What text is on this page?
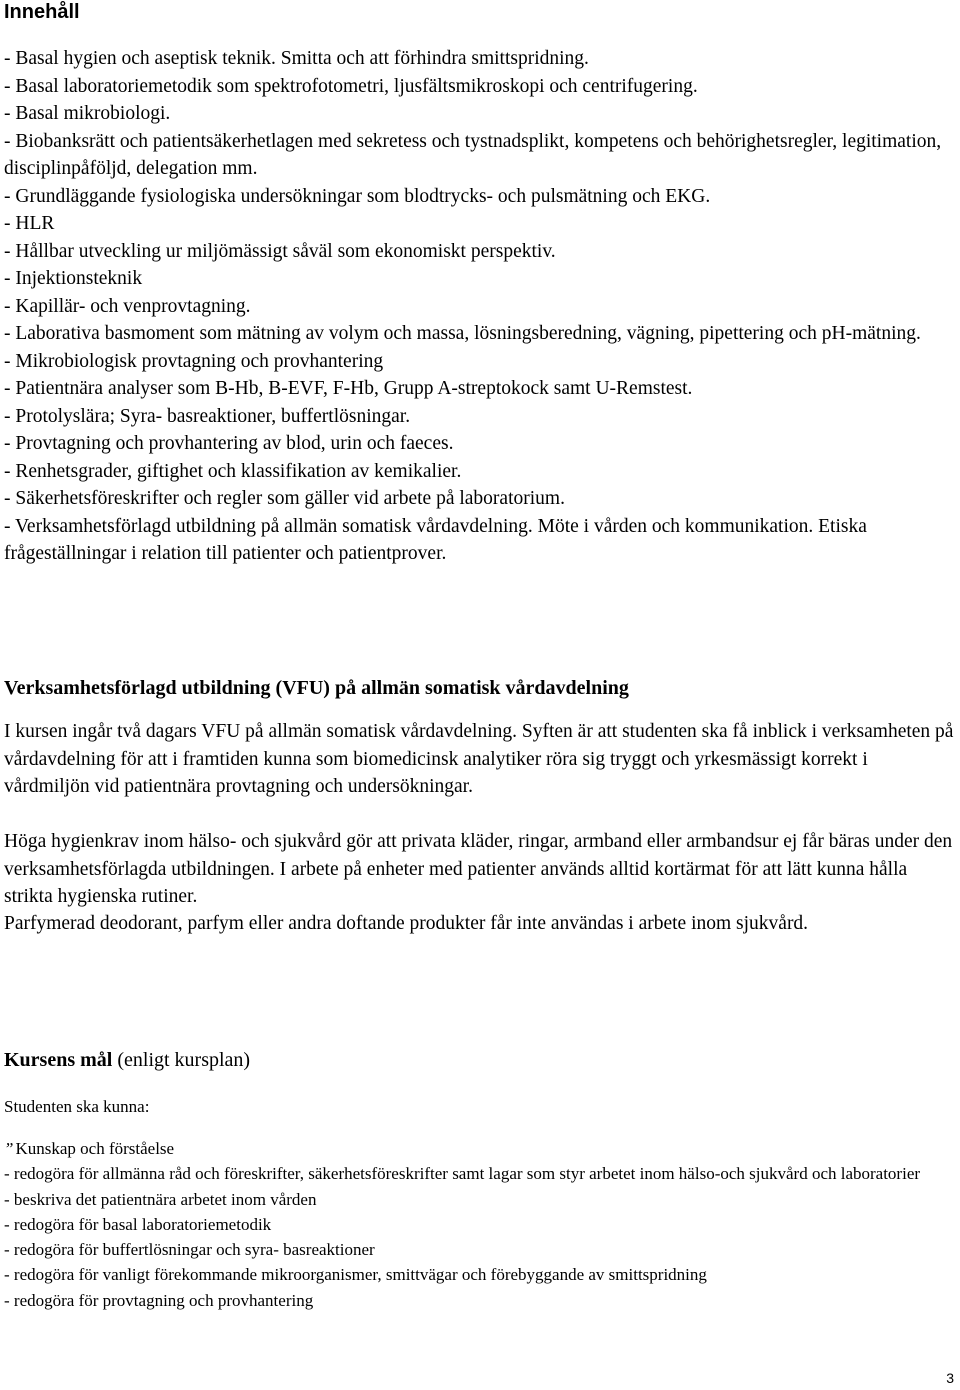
Innehåll
- Basal hygien och aseptisk teknik. Smitta och att förhindra smittspridning.
- Basal laboratoriemetodik som spektrofotometri, ljusfältsmikroskopi och centrifugering.
- Basal mikrobiologi.
- Biobanksrätt och patientsäkerhetlagen med sekretess och tystnadsplikt, kompetens och behörighetsregler, legitimation, disciplinpåföljd, delegation mm.
- Grundläggande fysiologiska undersökningar som blodtrycks- och pulsmätning och EKG.
- HLR
- Hållbar utveckling ur miljömässigt såväl som ekonomiskt perspektiv.
- Injektionsteknik
- Kapillär- och venprovtagning.
- Laborativa basmoment som mätning av volym och massa, lösningsberedning, vägning, pipettering och pH-mätning.
- Mikrobiologisk provtagning och provhantering
- Patientnära analyser som B-Hb, B-EVF, F-Hb, Grupp A-streptokock samt U-Remstest.
- Protolyslära; Syra- basreaktioner, buffertlösningar.
- Provtagning och provhantering av blod, urin och faeces.
- Renhetsgrader, giftighet och klassifikation av kemikalier.
- Säkerhetsföreskrifter och regler som gäller vid arbete på laboratorium.
- Verksamhetsförlagd utbildning på allmän somatisk vårdavdelning. Möte i vården och kommunikation. Etiska frågeställningar i relation till patienter och patientprover.
Verksamhetsförlagd utbildning (VFU) på allmän somatisk vårdavdelning

I kursen ingår två dagars VFU på allmän somatisk vårdavdelning. Syften är att studenten ska få inblick i verksamheten på vårdavdelning för att i framtiden kunna som biomedicinsk analytiker röra sig tryggt och yrkesmässigt korrekt i vårdmiljön vid patientnära provtagning och undersökningar.

Höga hygienkrav inom hälso- och sjukvård gör att privata kläder, ringar, armband eller armbandsur ej får bäras under den verksamhetsförlagda utbildningen. I arbete på enheter med patienter används alltid kortärmat för att lätt kunna hålla strikta hygienska rutiner.

Parfymerad deodorant, parfym eller andra doftande produkter får inte användas i arbete inom sjukvård.

Kursens mål (enligt kursplan)
Studenten ska kunna:
” Kunskap och förståelse
- redogöra för allmänna råd och föreskrifter, säkerhetsföreskrifter samt lagar som styr arbetet inom hälso-och sjukvård och laboratorier
- beskriva det patientnära arbetet inom vården
- redogöra för basal laboratoriemetodik
- redogöra för buffertlösningar och syra- basreaktioner
- redogöra för vanligt förekommande mikroorganismer, smittvägar och förebyggande av smittspridning
- redogöra för provtagning och provhantering
3
